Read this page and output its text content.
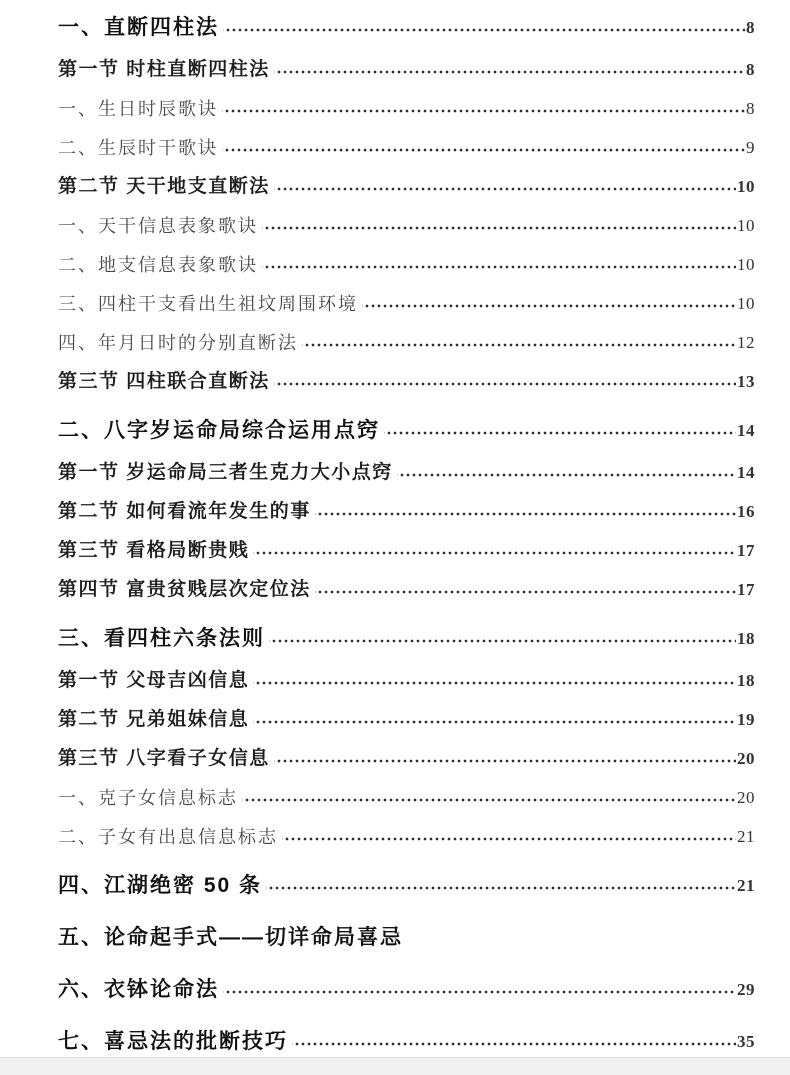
一、直断四柱法	8
第一节 时柱直断四柱法	8
一、生日时辰歌诀	8
二、生辰时干歌诀	9
第二节 天干地支直断法	10
一、天干信息表象歌诀	10
二、地支信息表象歌诀	10
三、四柱干支看出生祖坟周围环境	10
四、年月日时的分别直断法	12
第三节 四柱联合直断法	13
二、八字岁运命局综合运用点窍	14
第一节 岁运命局三者生克力大小点窍	14
第二节 如何看流年发生的事	16
第三节 看格局断贵贱	17
第四节 富贵贫贱层次定位法	17
三、看四柱六条法则	18
第一节 父母吉凶信息	18
第二节 兄弟姐妹信息	19
第三节 八字看子女信息	20
一、克子女信息标志	20
二、子女有出息信息标志	21
四、江湖绝密 50 条	21
五、论命起手式——切详命局喜忌
六、衣钵论命法	29
七、喜忌法的批断技巧	35
